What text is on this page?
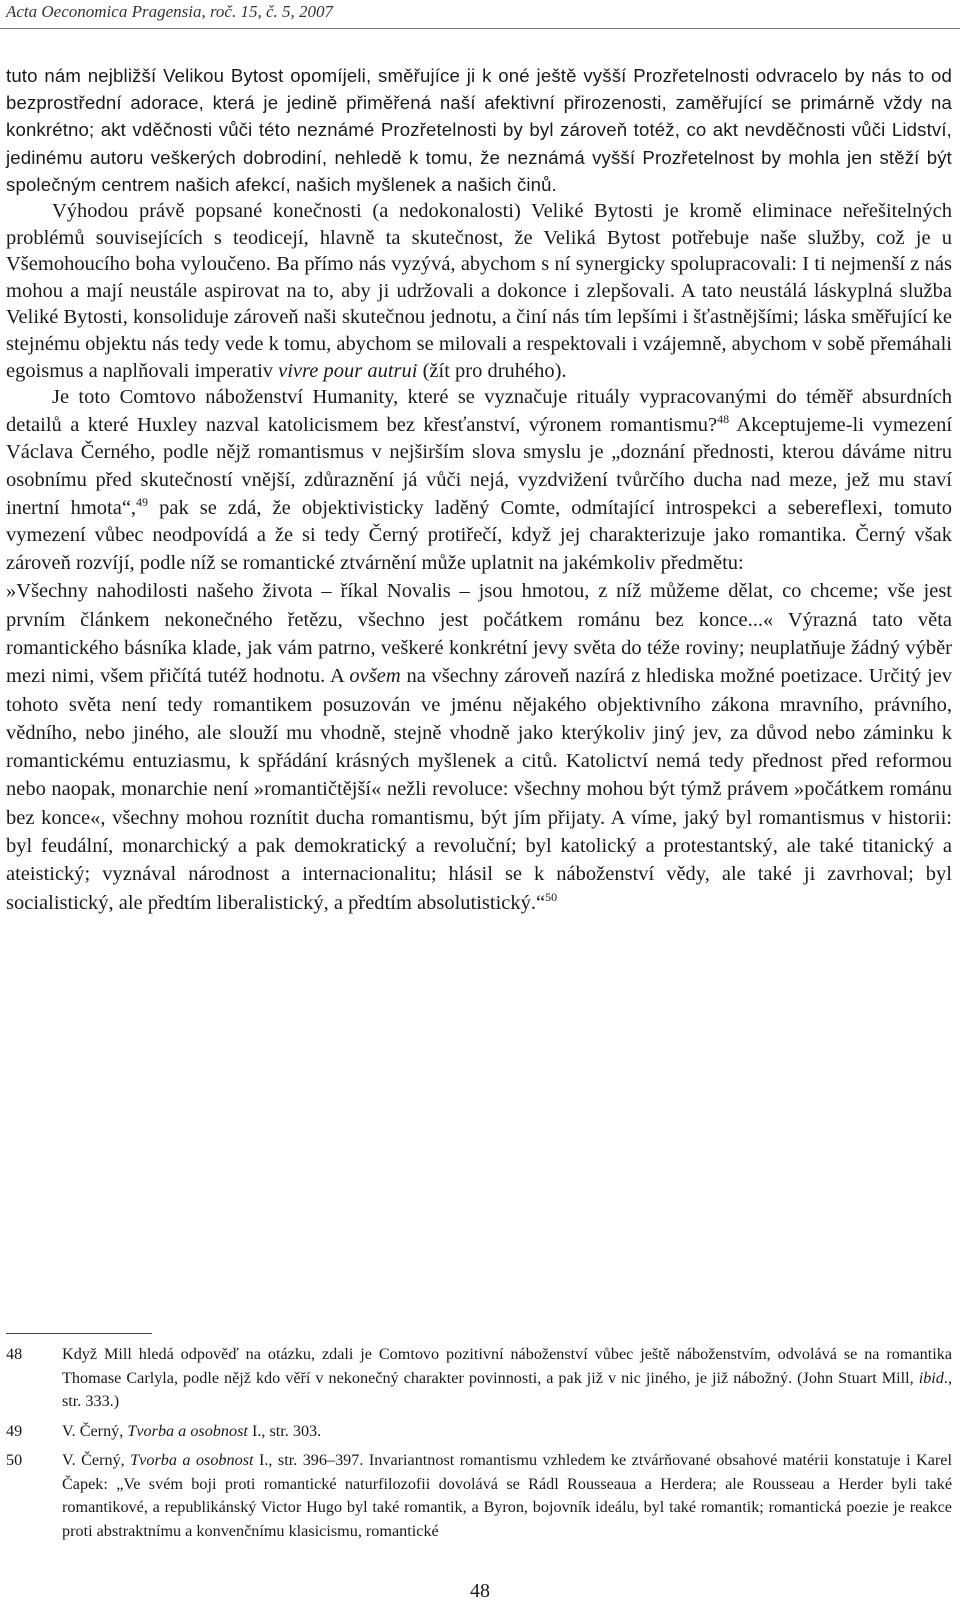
Acta Oeconomica Pragensia, roč. 15, č. 5, 2007

tuto nám nejbližší Velikou Bytost opomíjeli, směřujíce ji k oné ještě vyšší Prozřetelnosti odvracelo by nás to od bezprostřední adorace, která je jedině přiměřená naší afektivní přirozenosti, zaměřující se primárně vždy na konkrétno; akt vděčnosti vůči této neznámé Prozřetelnosti by byl zároveň totéž, co akt nevděčnosti vůči Lidství, jedinému autoru veškerých dobrodiní, nehledě k tomu, že neznámá vyšší Prozřetelnost by mohla jen stěží být společným centrem našich afekcí, našich myšlenek a našich činů.

Výhodou právě popsané konečnosti (a nedokonalosti) Veliké Bytosti je kromě eliminace neřešitelných problémů souvisejících s teodicejí, hlavně ta skutečnost, že Veliká Bytost potřebuje naše služby, což je u Všemohoucího boha vyloučeno. Ba přímo nás vyzývá, abychom s ní synergicky spolupracovali: I ti nejmenší z nás mohou a mají neustále aspirovat na to, aby ji udržovali a dokonce i zlepšovali. A tato neustálá láskyplná služba Veliké Bytosti, konsoliduje zároveň naši skutečnou jednotu, a činí nás tím lepšími i šťastnějšími; láska směřující ke stejnému objektu nás tedy vede k tomu, abychom se milovali a respektovali i vzájemně, abychom v sobě přemáhali egoismus a naplňovali imperativ vivre pour autrui (žít pro druhého).

Je toto Comtovo náboženství Humanity, které se vyznačuje rituály vypracovanými do téměř absurdních detailů a které Huxley nazval katolicismem bez křesťanství, výronem romantismu?$^{48}$ Akceptujeme-li vymezení Václava Černého, podle nějž romantismus v nejširším slova smyslu je „doznání přednosti, kterou dáváme nitru osobnímu před skutečností vnější, zdůraznění já vůči nejá, vyzdvižení tvůrčího ducha nad meze, jež mu staví inertní hmota“,$^{49}$ pak se zdá, že objektivisticky laděný Comte, odmítající introspekci a sebereflexi, tomuto vymezení vůbec neodpovídá a že si tedy Černý protiřečí, když jej charakterizuje jako romantika. Černý však zároveň rozvíjí, podle níž se romantické ztvárnění může uplatnit na jakémkoliv předmětu:

»Všechny nahodilosti našeho života – říkal Novalis – jsou hmotou, z níž můžeme dělat, co chceme; vše jest prvním článkem nekonečného řetězu, všechno jest počátkem románu bez konce...« Výrazná tato věta romantického básníka klade, jak vám patrno, veškeré konkrétní jevy světa do téže roviny; neuplatňuje žádný výběr mezi nimi, všem přičítá tutéž hodnotu. A ovšem na všechny zároveň nazírá z hlediska možné poetizace. Určitý jev tohoto světa není tedy romantikem posuzován ve jménu nějakého objektivního zákona mravního, právního, vědního, nebo jiného, ale slouží mu vhodně, stejně vhodně jako kterýkoliv jiný jev, za důvod nebo záminku k romantickému entuziasmu, k spřádání krásných myšlenek a citů. Katolictví nemá tedy přednost před reformou nebo naopak, monarchie není »romantičtější« nežli revoluce: všechny mohou být týmž právem »počátkem románu bez konce«, všechny mohou roznítit ducha romantismu, být jím přijaty. A víme, jaký byl romantismus v historii: byl feudální, monarchický a pak demokratický a revoluční; byl katolický a protestantský, ale také titanický a ateistický; vyznával národnost a internacionalitu; hlásil se k náboženství vědy, ale také ji zavrhoval; byl socialistický, ale předtím liberalistický, a předtím absolutistický.“$^{50}$

48	Když Mill hledá odpověď na otázku, zdali je Comtovo pozitivní náboženství vůbec ještě náboženstvím, odvolává se na romantika Thomase Carlyla, podle nějž kdo věří v nekonečný charakter povinnosti, a pak již v nic jiného, je již nábožný. (John Stuart Mill, ibid., str. 333.)
49	V. Černý, Tvorba a osobnost I., str. 303.
50	V. Černý, Tvorba a osobnost I., str. 396–397. Invariantnost romantismu vzhledem ke ztvárňované obsahové matérii konstatuje i Karel Čapek: „Ve svém boji proti romantické naturfilozofii dovolává se Rádl Rousseaua a Herdera; ale Rousseau a Herder byli také romantikové, a republikánský Victor Hugo byl také romantik, a Byron, bojovník ideálu, byl také romantik; romantická poezie je reakce proti abstraktnímu a konvenčnímu klasicismu, romantické
48
